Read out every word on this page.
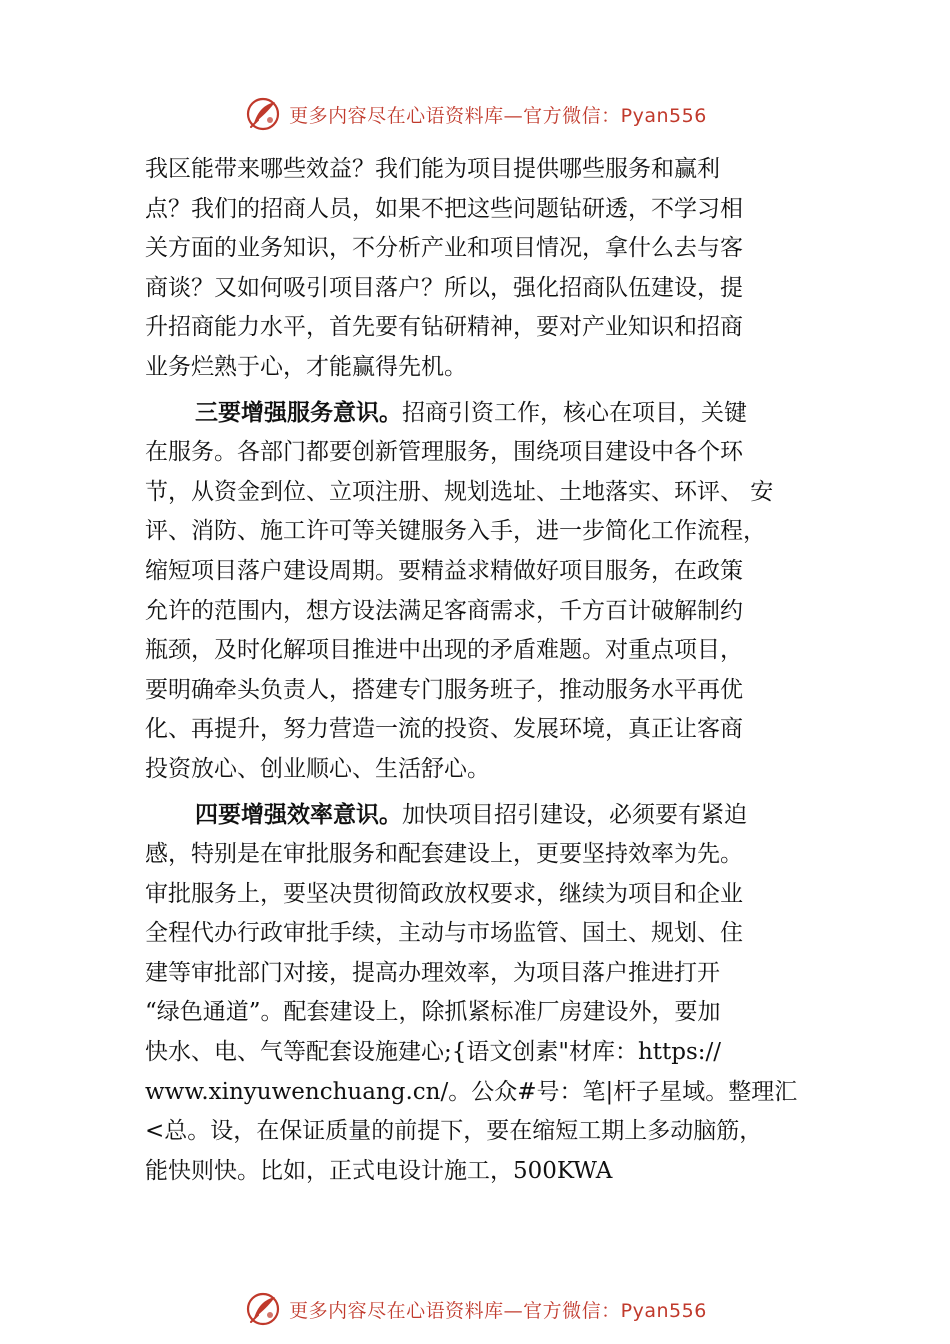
更多内容尽在心语资料库—官方微信：Pyan556
我区能带来哪些效益？我们能为项目提供哪些服务和赢利
点？我们的招商人员，如果不把这些问题钻研透，不学习相
关方面的业务知识，不分析产业和项目情况，拿什么去与客
商谈？又如何吸引项目落户？所以，强化招商队伍建设，提
升招商能力水平，首先要有钻研精神，要对产业知识和招商
业务烂熟于心，才能赢得先机。
三要增强服务意识。招商引资工作，核心在项目，关键
在服务。各部门都要创新管理服务，围绕项目建设中各个环
节，从资金到位、立项注册、规划选址、土地落实、环评、 安
评、消防、施工许可等关键服务入手，进一步简化工作流程，
缩短项目落户建设周期。要精益求精做好项目服务，在政策
允许的范围内，想方设法满足客商需求，千方百计破解制约
瓶颈，及时化解项目推进中出现的矛盾难题。对重点项目，
要明确牵头负责人，搭建专门服务班子，推动服务水平再优
化、再提升，努力营造一流的投资、发展环境，真正让客商
投资放心、创业顺心、生活舒心。
四要增强效率意识。加快项目招引建设，必须要有紧迫
感，特别是在审批服务和配套建设上，更要坚持效率为先。
审批服务上，要坚决贯彻简政放权要求，继续为项目和企业
全程代办行政审批手续，主动与市场监管、国土、规划、住
建等审批部门对接，提高办理效率，为项目落户推进打开
“绿色通道”。配套建设上，除抓紧标准厂房建设外，要加
快水、电、气等配套设施建心;{语文创素"材库：https://
www.xinyuwenchuang.cn/。公众#号：笔|杆子星域。整理汇
<总。设，在保证质量的前提下，要在缩短工期上多动脑筋，
能快则快。比如，正式电设计施工，500KWA
更多内容尽在心语资料库—官方微信：Pyan556
